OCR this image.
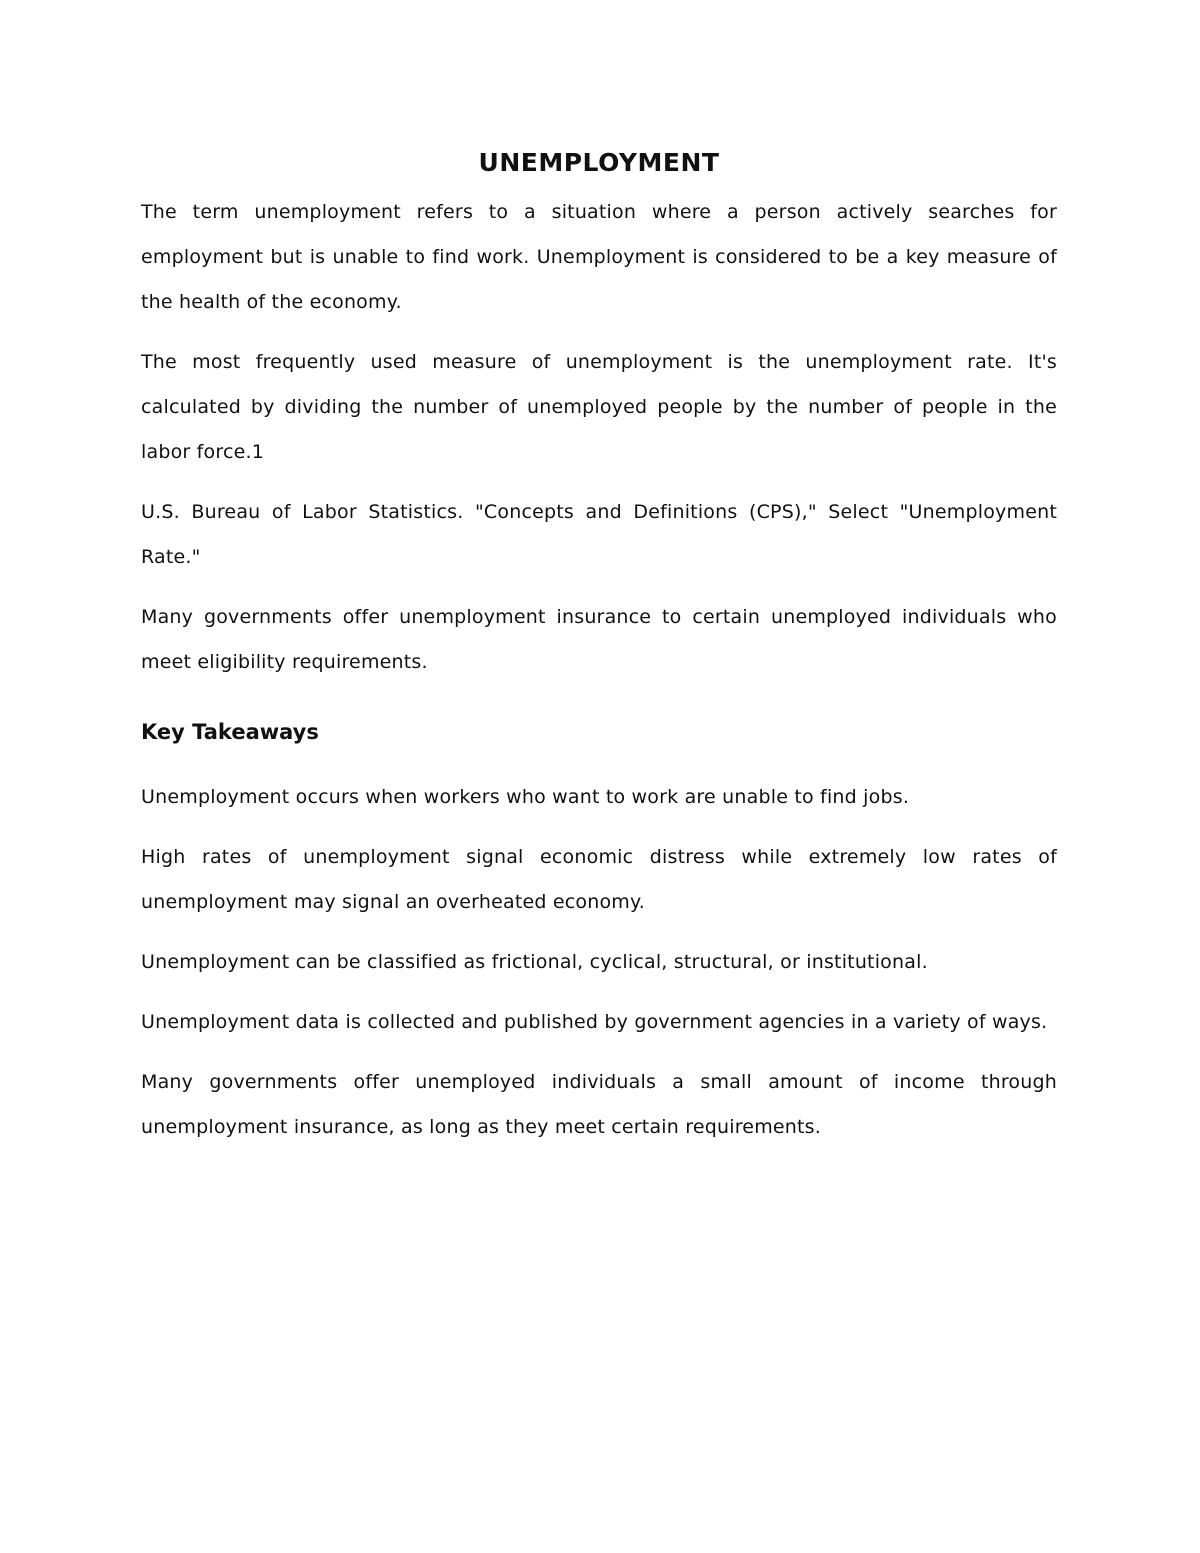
UNEMPLOYMENT

The term unemployment refers to a situation where a person actively searches for employment but is unable to find work. Unemployment is considered to be a key measure of the health of the economy.

The most frequently used measure of unemployment is the unemployment rate. It's calculated by dividing the number of unemployed people by the number of people in the labor force.1

U.S. Bureau of Labor Statistics. "Concepts and Definitions (CPS)," Select "Unemployment Rate."

Many governments offer unemployment insurance to certain unemployed individuals who meet eligibility requirements.

Key Takeaways

Unemployment occurs when workers who want to work are unable to find jobs.

High rates of unemployment signal economic distress while extremely low rates of unemployment may signal an overheated economy.

Unemployment can be classified as frictional, cyclical, structural, or institutional.

Unemployment data is collected and published by government agencies in a variety of ways.

Many governments offer unemployed individuals a small amount of income through unemployment insurance, as long as they meet certain requirements.
